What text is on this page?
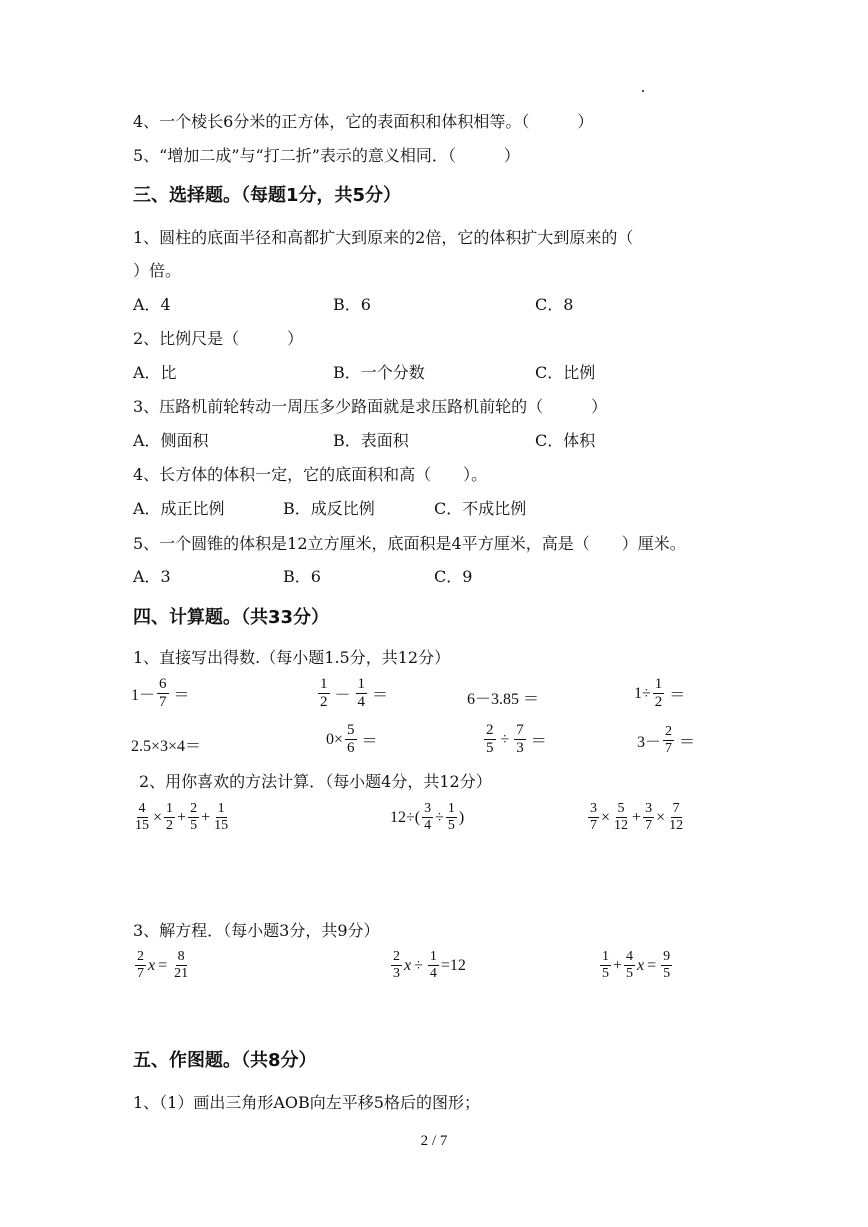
4、一个棱长6分米的正方体，它的表面积和体积相等。（　　　）
5、“增加二成”与“打二折”表示的意义相同．（　　　）
三、选择题。（每题1分，共5分）
1、圆柱的底面半径和高都扩大到原来的2倍，它的体积扩大到原来的（
）倍。
A．4	B．6	C．8
2、比例尺是（　　　）
A．比	B．一个分数	C．比例
3、压路机前轮转动一周压多少路面就是求压路机前轮的（　　　）
A．侧面积	B．表面积	C．体积
4、长方体的体积一定，它的底面积和高（　　）。
A．成正比例	B．成反比例	C．不成比例
5、一个圆锥的体积是12立方厘米，底面积是4平方厘米，高是（　　）厘米。
A．3	B．6	C．9
四、计算题。（共33分）
1、直接写出得数.（每小题1.5分，共12分）
$1- \frac{6}{7}$ ＝	$\frac{1}{2} - \frac{1}{4}$ ＝	6－3.85 ＝	$1\div \frac{1}{2}$ ＝
2.5×3×4＝	$0\times \frac{5}{6}$ ＝	$\frac{2}{5} \div \frac{7}{3}$ ＝	$3- \frac{2}{7}$ ＝
2、用你喜欢的方法计算．（每小题4分，共12分）
$\frac{4}{15} \times \frac{1}{2} + \frac{2}{5} + \frac{1}{15}$	$12\div( \frac{3}{4} \div \frac{1}{5}$ )	$\frac{3}{7} \times \frac{5}{12} + \frac{3}{7} \times \frac{7}{12}$
3、解方程．（每小题3分，共9分）
$\frac{2}{7}$ $x = \frac{8}{21}$	$\frac{2}{3}$ $x \div \frac{1}{4} =12$	$\frac{1}{5} + \frac{4}{5}$ $x = \frac{9}{5}$
五、作图题。（共8分）
1、（1）画出三角形AOB向左平移5格后的图形；
2 / 7
